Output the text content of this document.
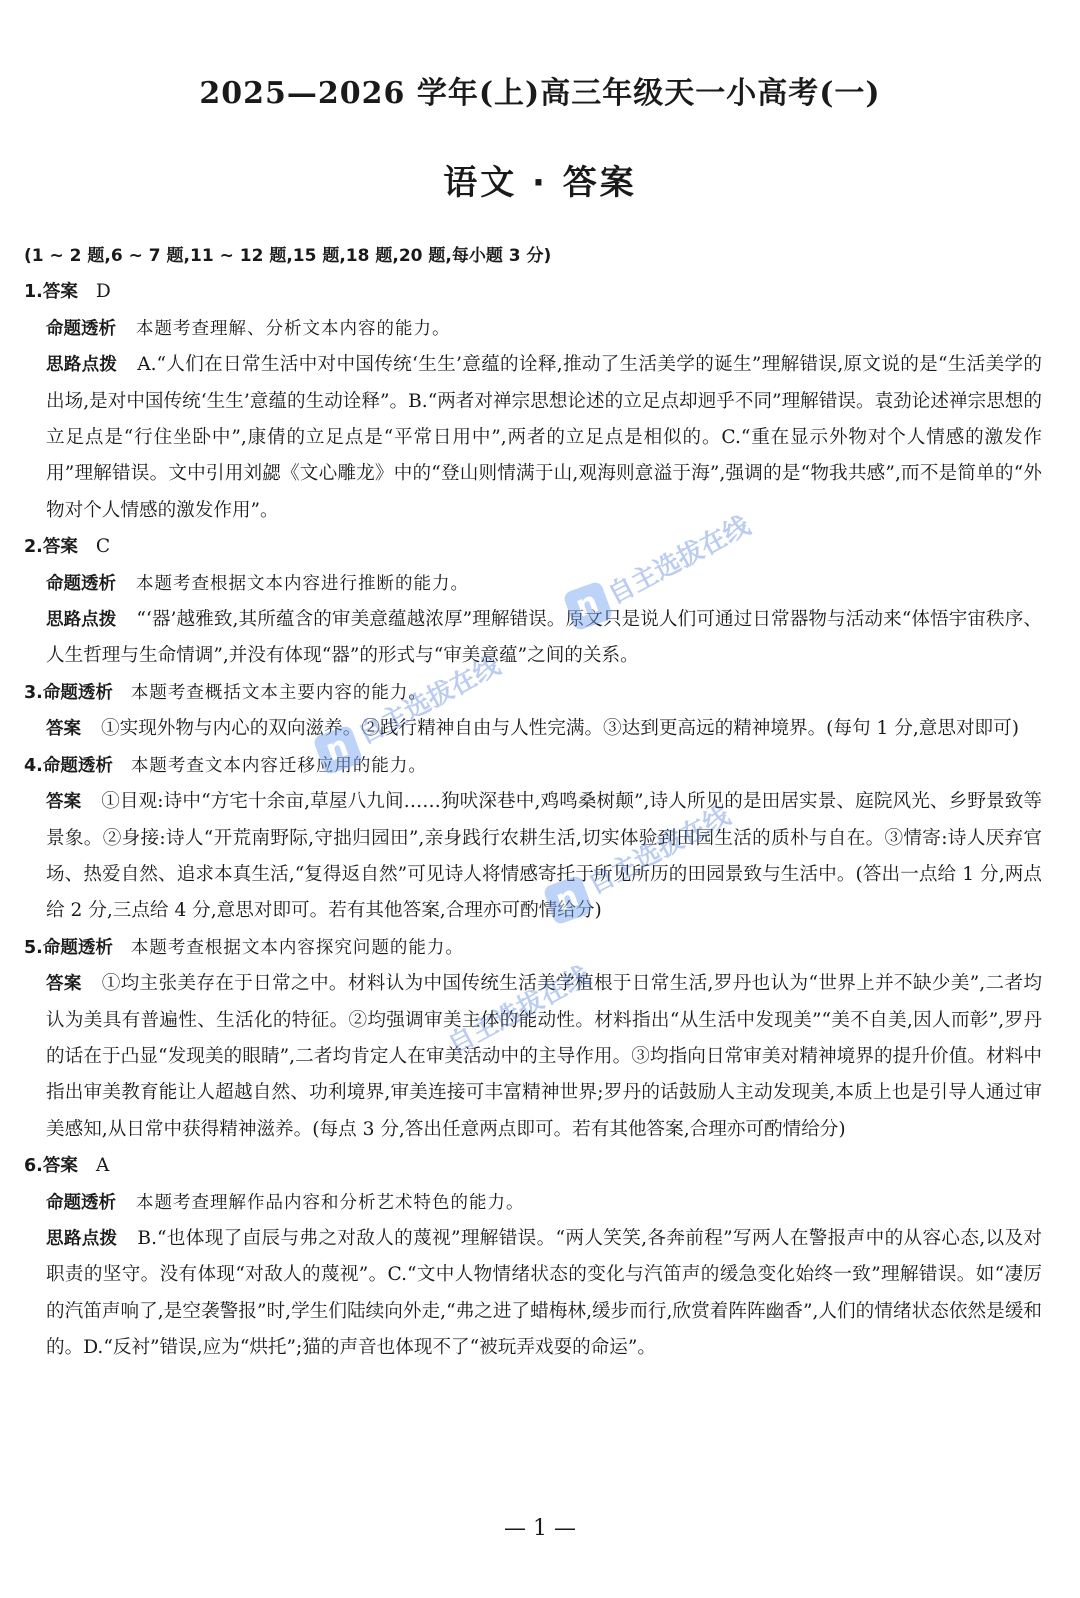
2025—2026 学年(上)高三年级天一小高考(一)
语文 · 答案
(1 ~ 2 题,6 ~ 7 题,11 ~ 12 题,15 题,18 题,20 题,每小题 3 分)
1.答案 D
命题透析 本题考查理解、分析文本内容的能力。
思路点拨 A.“人们在日常生活中对中国传统‘生生’意蕴的诠释,推动了生活美学的诞生”理解错误,原文说的是“生活美学的出场,是对中国传统‘生生’意蕴的生动诠释”。B.“两者对禅宗思想论述的立足点却迥乎不同”理解错误。袁劲论述禅宗思想的立足点是“行住坐卧中”,康倩的立足点是“平常日用中”,两者的立足点是相似的。C.“重在显示外物对个人情感的激发作用”理解错误。文中引用刘勰《文心雕龙》中的“登山则情满于山,观海则意溢于海”,强调的是“物我共感”,而不是简单的“外物对个人情感的激发作用”。
2.答案 C
命题透析 本题考查根据文本内容进行推断的能力。
思路点拨 “‘器’越雅致,其所蕴含的审美意蕴越浓厚”理解错误。原文只是说人们可通过日常器物与活动来“体悟宇宙秩序、人生哲理与生命情调”,并没有体现“器”的形式与“审美意蕴”之间的关系。
3.命题透析 本题考查概括文本主要内容的能力。
答案 ①实现外物与内心的双向滋养。②践行精神自由与人性完满。③达到更高远的精神境界。(每句 1 分,意思对即可)
4.命题透析 本题考查文本内容迁移应用的能力。
答案 ①目观:诗中“方宅十余亩,草屋八九间……狗吠深巷中,鸡鸣桑树颠”,诗人所见的是田居实景、庭院风光、乡野景致等景象。②身接:诗人“开荒南野际,守拙归园田”,亲身践行农耕生活,切实体验到田园生活的质朴与自在。③情寄:诗人厌弃官场、热爱自然、追求本真生活,“复得返自然”可见诗人将情感寄托于所见所历的田园景致与生活中。(答出一点给 1 分,两点给 2 分,三点给 4 分,意思对即可。若有其他答案,合理亦可酌情给分)
5.命题透析 本题考查根据文本内容探究问题的能力。
答案 ①均主张美存在于日常之中。材料认为中国传统生活美学植根于日常生活,罗丹也认为“世界上并不缺少美”,二者均认为美具有普遍性、生活化的特征。②均强调审美主体的能动性。材料指出“从生活中发现美”“美不自美,因人而彰”,罗丹的话在于凸显“发现美的眼睛”,二者均肯定人在审美活动中的主导作用。③均指向日常审美对精神境界的提升价值。材料中指出审美教育能让人超越自然、功利境界,审美连接可丰富精神世界;罗丹的话鼓励人主动发现美,本质上也是引导人通过审美感知,从日常中获得精神滋养。(每点 3 分,答出任意两点即可。若有其他答案,合理亦可酌情给分)
6.答案 A
命题透析 本题考查理解作品内容和分析艺术特色的能力。
思路点拨 B.“也体现了卣辰与弗之对敌人的蔑视”理解错误。“两人笑笑,各奔前程”写两人在警报声中的从容心态,以及对职责的坚守。没有体现“对敌人的蔑视”。C.“文中人物情绪状态的变化与汽笛声的缓急变化始终一致”理解错误。如“凄厉的汽笛声响了,是空袭警报”时,学生们陆续向外走,“弗之进了蜡梅林,缓步而行,欣赏着阵阵幽香”,人们的情绪状态依然是缓和的。D.“反衬”错误,应为“烘托”;猫的声音也体现不了“被玩弄戏耍的命运”。
— 1 —
n
自主选拔在线
n
自主选拔在线
n
自主选拔在线
自主选拔在线
